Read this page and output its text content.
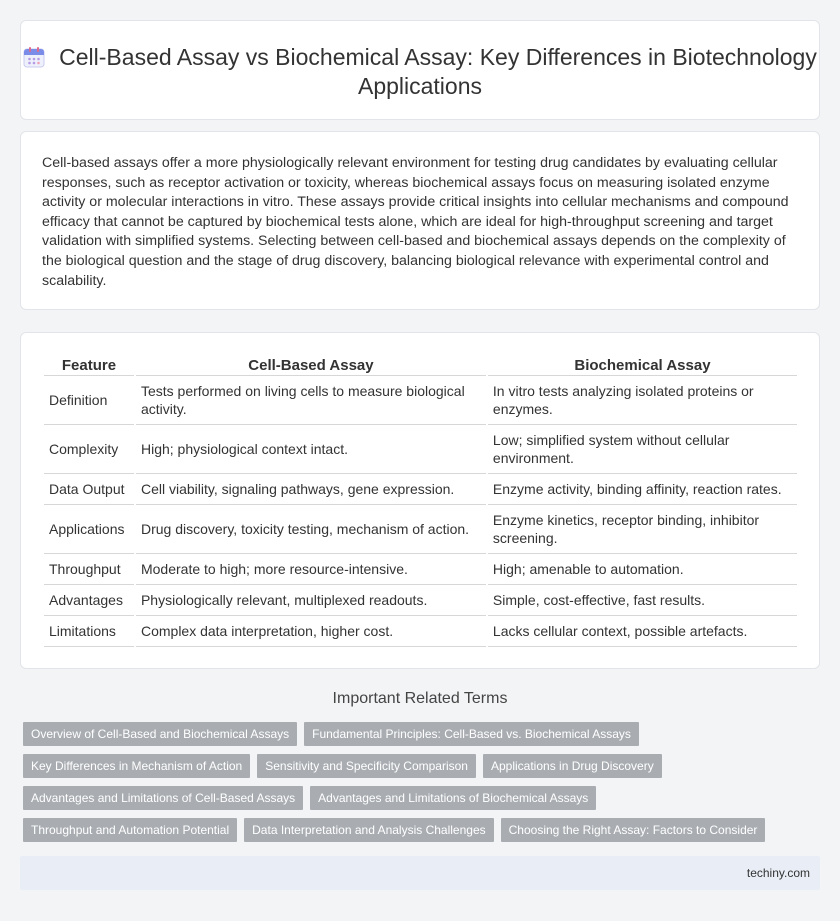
Cell-Based Assay vs Biochemical Assay: Key Differences in Biotechnology Applications

Cell-based assays offer a more physiologically relevant environment for testing drug candidates by evaluating cellular responses, such as receptor activation or toxicity, whereas biochemical assays focus on measuring isolated enzyme activity or molecular interactions in vitro. These assays provide critical insights into cellular mechanisms and compound efficacy that cannot be captured by biochemical tests alone, which are ideal for high-throughput screening and target validation with simplified systems. Selecting between cell-based and biochemical assays depends on the complexity of the biological question and the stage of drug discovery, balancing biological relevance with experimental control and scalability.

Feature	Cell-Based Assay	Biochemical Assay
Definition	Tests performed on living cells to measure biological activity.	In vitro tests analyzing isolated proteins or enzymes.
Complexity	High; physiological context intact.	Low; simplified system without cellular environment.
Data Output	Cell viability, signaling pathways, gene expression.	Enzyme activity, binding affinity, reaction rates.
Applications	Drug discovery, toxicity testing, mechanism of action.	Enzyme kinetics, receptor binding, inhibitor screening.
Throughput	Moderate to high; more resource-intensive.	High; amenable to automation.
Advantages	Physiologically relevant, multiplexed readouts.	Simple, cost-effective, fast results.
Limitations	Complex data interpretation, higher cost.	Lacks cellular context, possible artefacts.
Important Related Terms
Overview of Cell-Based and Biochemical Assays	Fundamental Principles: Cell-Based vs. Biochemical Assays
Key Differences in Mechanism of Action	Sensitivity and Specificity Comparison	Applications in Drug Discovery
Advantages and Limitations of Cell-Based Assays	Advantages and Limitations of Biochemical Assays
Throughput and Automation Potential	Data Interpretation and Analysis Challenges	Choosing the Right Assay: Factors to Consider
techiny.com
